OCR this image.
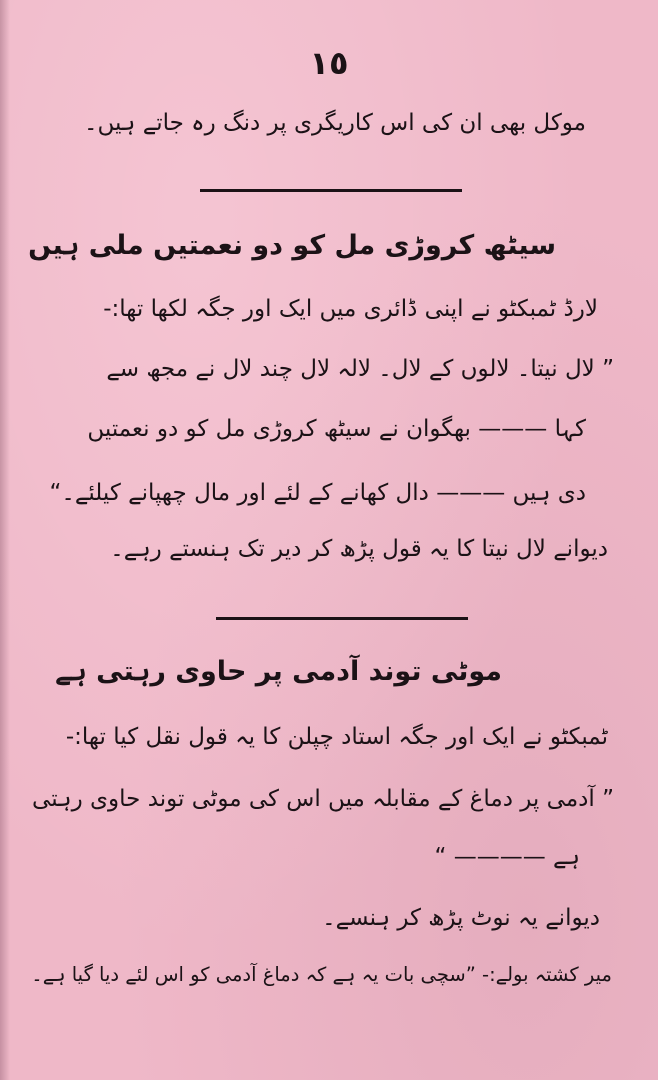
١٥
موکل بھی ان کی اس کاریگری پر دنگ رہ جاتے ہیں۔
سیٹھ کروڑی مل کو دو نعمتیں ملی ہیں
لارڈ ٹمبکٹو نے اپنی ڈائری میں ایک اور جگہ لکھا تھا:-
” لال نیتا۔ لالوں کے لال۔ لالہ لال چند لال نے مجھ سے
کہا ——— بھگوان نے سیٹھ کروڑی مل کو دو نعمتیں
دی ہیں ——— دال کھانے کے لئے اور مال چھپانے کیلئے۔“
دیوانے لال نیتا کا یہ قول پڑھ کر دیر تک ہنستے رہے۔
موٹی توند آدمی پر حاوی رہتی ہے
ٹمبکٹو نے ایک اور جگہ استاد چپلن کا یہ قول نقل کیا تھا:-
” آدمی پر دماغ کے مقابلہ میں اس کی موٹی توند حاوی رہتی
ہے ———— “
دیوانے یہ نوٹ پڑھ کر ہنسے۔
میر کشتہ بولے:- ”سچی بات یہ ہے کہ دماغ آدمی کو اس لئے دیا گیا ہے۔
